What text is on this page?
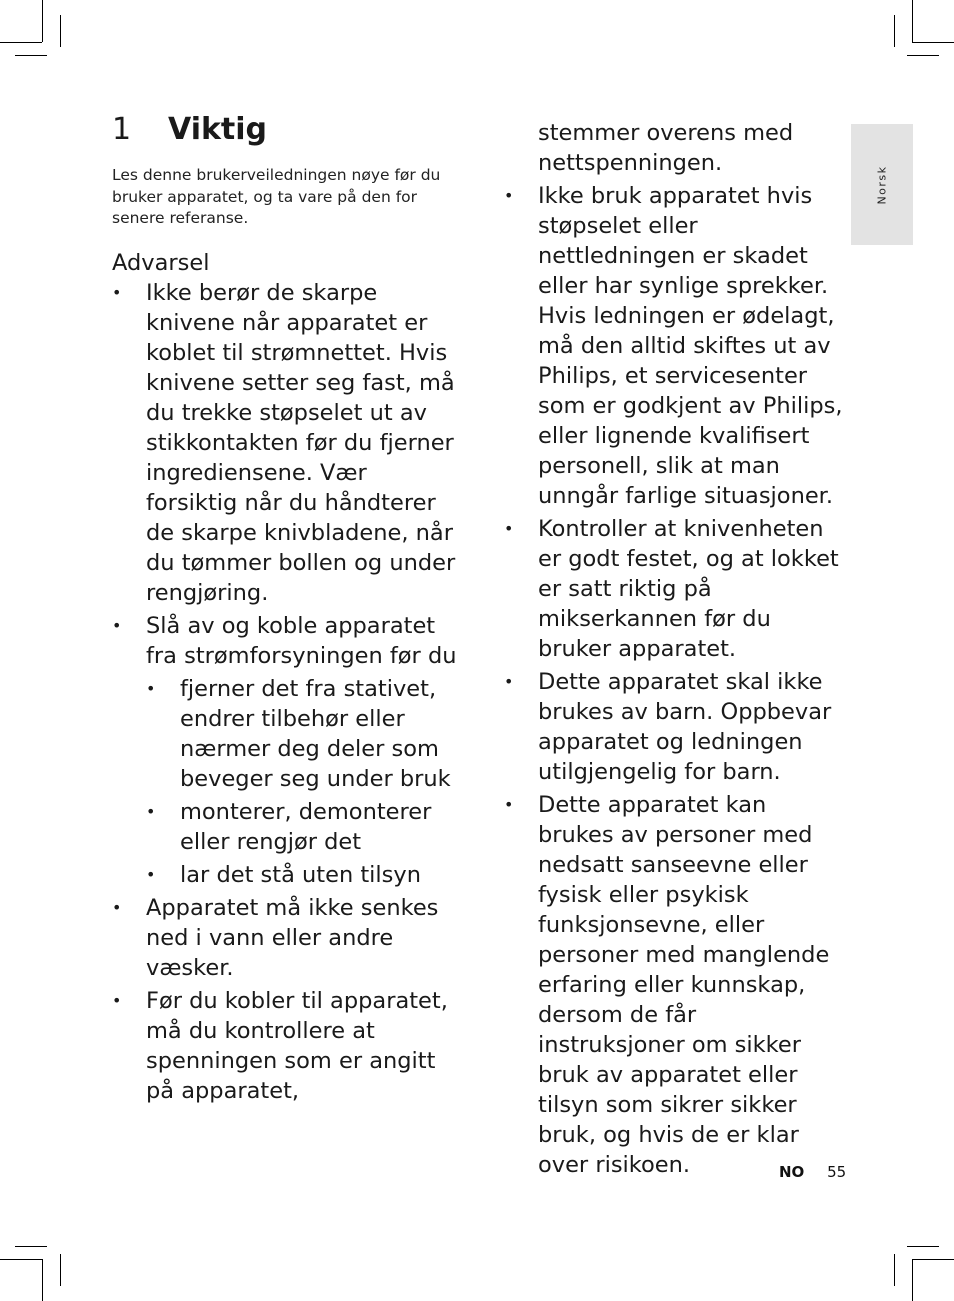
Norsk
1	Viktig

Les denne brukerveiledningen nøye før du bruker apparatet, og ta vare på den for senere referanse.

Advarsel
• Ikke berør de skarpe knivene når apparatet er koblet til strømnettet. Hvis knivene setter seg fast, må du trekke støpselet ut av stikkontakten før du fjerner ingrediensene. Vær forsiktig når du håndterer de skarpe knivbladene, når du tømmer bollen og under rengjøring.
• Slå av og koble apparatet fra strømforsyningen før du
• fjerner det fra stativet, endrer tilbehør eller nærmer deg deler som beveger seg under bruk
• monterer, demonterer eller rengjør det
• lar det stå uten tilsyn
• Apparatet må ikke senkes ned i vann eller andre væsker.
• Før du kobler til apparatet, må du kontrollere at spenningen som er angitt på apparatet,
stemmer overens med nettspenningen.
• Ikke bruk apparatet hvis støpselet eller nettledningen er skadet eller har synlige sprekker. Hvis ledningen er ødelagt, må den alltid skiftes ut av Philips, et servicesenter som er godkjent av Philips, eller lignende kvalifisert personell, slik at man unngår farlige situasjoner.
• Kontroller at knivenheten er godt festet, og at lokket er satt riktig på mikserkannen før du bruker apparatet.
• Dette apparatet skal ikke brukes av barn. Oppbevar apparatet og ledningen utilgjengelig for barn.
• Dette apparatet kan brukes av personer med nedsatt sanseevne eller fysisk eller psykisk funksjonsevne, eller personer med manglende erfaring eller kunnskap, dersom de får instruksjoner om sikker bruk av apparatet eller tilsyn som sikrer sikker bruk, og hvis de er klar over risikoen.	NO 55
